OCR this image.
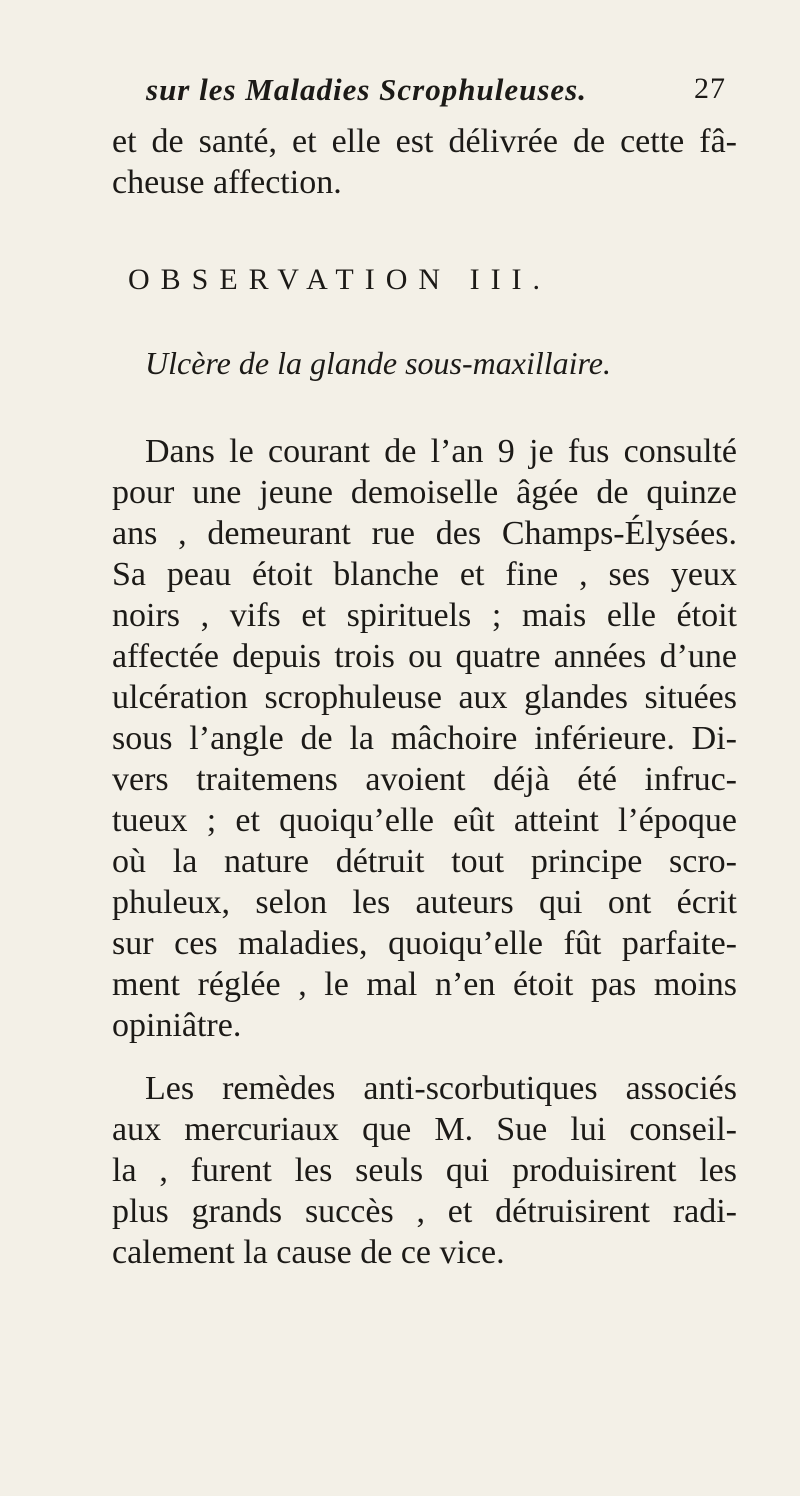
sur les Maladies Scrophuleuses.	27
et de santé, et elle est délivrée de cette fâ-
cheuse affection.
OBSERVATION III.
Ulcère de la glande sous-maxillaire.
Dans le courant de l’an 9 je fus consulté
pour une jeune demoiselle âgée de quinze
ans , demeurant rue des Champs-Élysées.
Sa peau étoit blanche et fine , ses yeux
noirs , vifs et spirituels ; mais elle étoit
affectée depuis trois ou quatre années d’une
ulcération scrophuleuse aux glandes situées
sous l’angle de la mâchoire inférieure. Di-
vers traitemens avoient déjà été infruc-
tueux ; et quoiqu’elle eût atteint l’époque
où la nature détruit tout principe scro-
phuleux, selon les auteurs qui ont écrit
sur ces maladies, quoiqu’elle fût parfaite-
ment réglée , le mal n’en étoit pas moins
opiniâtre.
Les remèdes anti-scorbutiques associés
aux mercuriaux que M. Sue lui conseil-
la , furent les seuls qui produisirent les
plus grands succès , et détruisirent radi-
calement la cause de ce vice.
